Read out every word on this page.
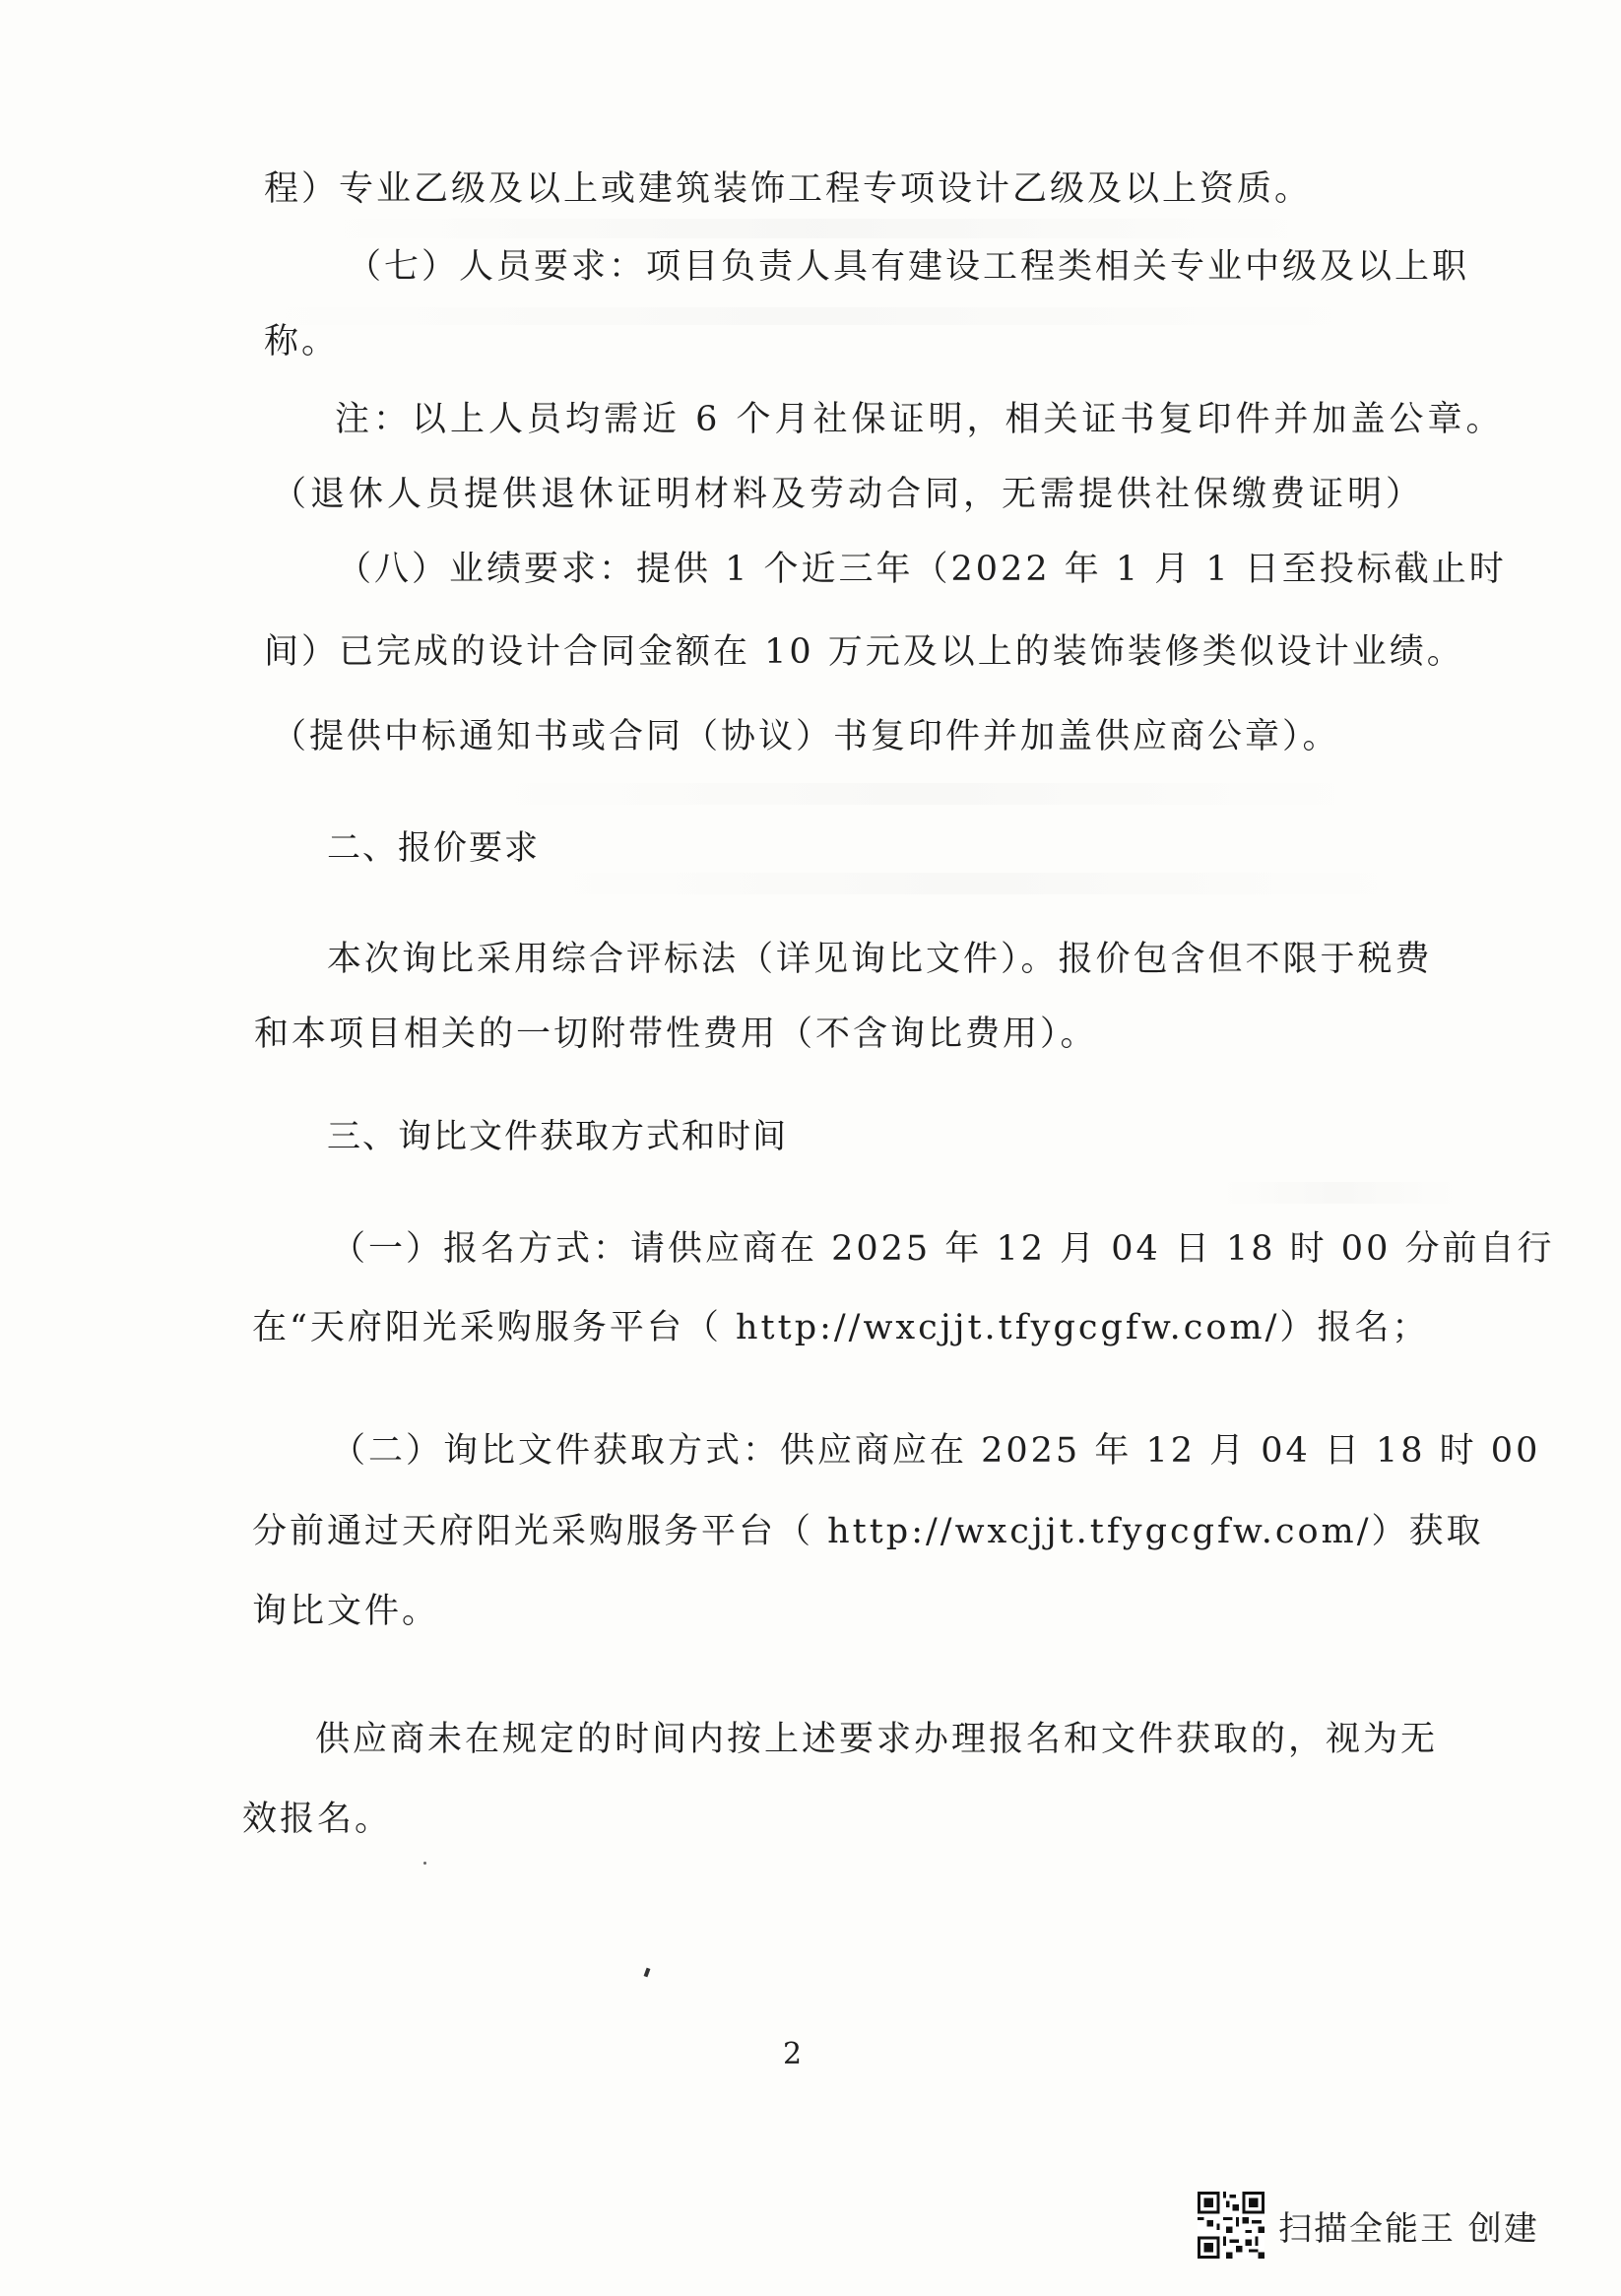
程）专业乙级及以上或建筑装饰工程专项设计乙级及以上资质。
（七）人员要求：项目负责人具有建设工程类相关专业中级及以上职
称。
注：以上人员均需近 6 个月社保证明，相关证书复印件并加盖公章。
（退休人员提供退休证明材料及劳动合同，无需提供社保缴费证明）
（八）业绩要求：提供 1 个近三年（2022 年 1 月 1 日至投标截止时
间）已完成的设计合同金额在 10 万元及以上的装饰装修类似设计业绩。
（提供中标通知书或合同（协议）书复印件并加盖供应商公章）。
二、报价要求
本次询比采用综合评标法（详见询比文件）。报价包含但不限于税费
和本项目相关的一切附带性费用（不含询比费用）。
三、询比文件获取方式和时间
（一）报名方式：请供应商在 2025 年 12 月 04 日 18 时 00 分前自行
在“天府阳光采购服务平台（ http://wxcjjt.tfygcgfw.com/）报名；
（二）询比文件获取方式：供应商应在 2025 年 12 月 04 日 18 时 00
分前通过天府阳光采购服务平台（ http://wxcjjt.tfygcgfw.com/）获取
询比文件。
供应商未在规定的时间内按上述要求办理报名和文件获取的，视为无
效报名。
2
扫描全能王 创建
